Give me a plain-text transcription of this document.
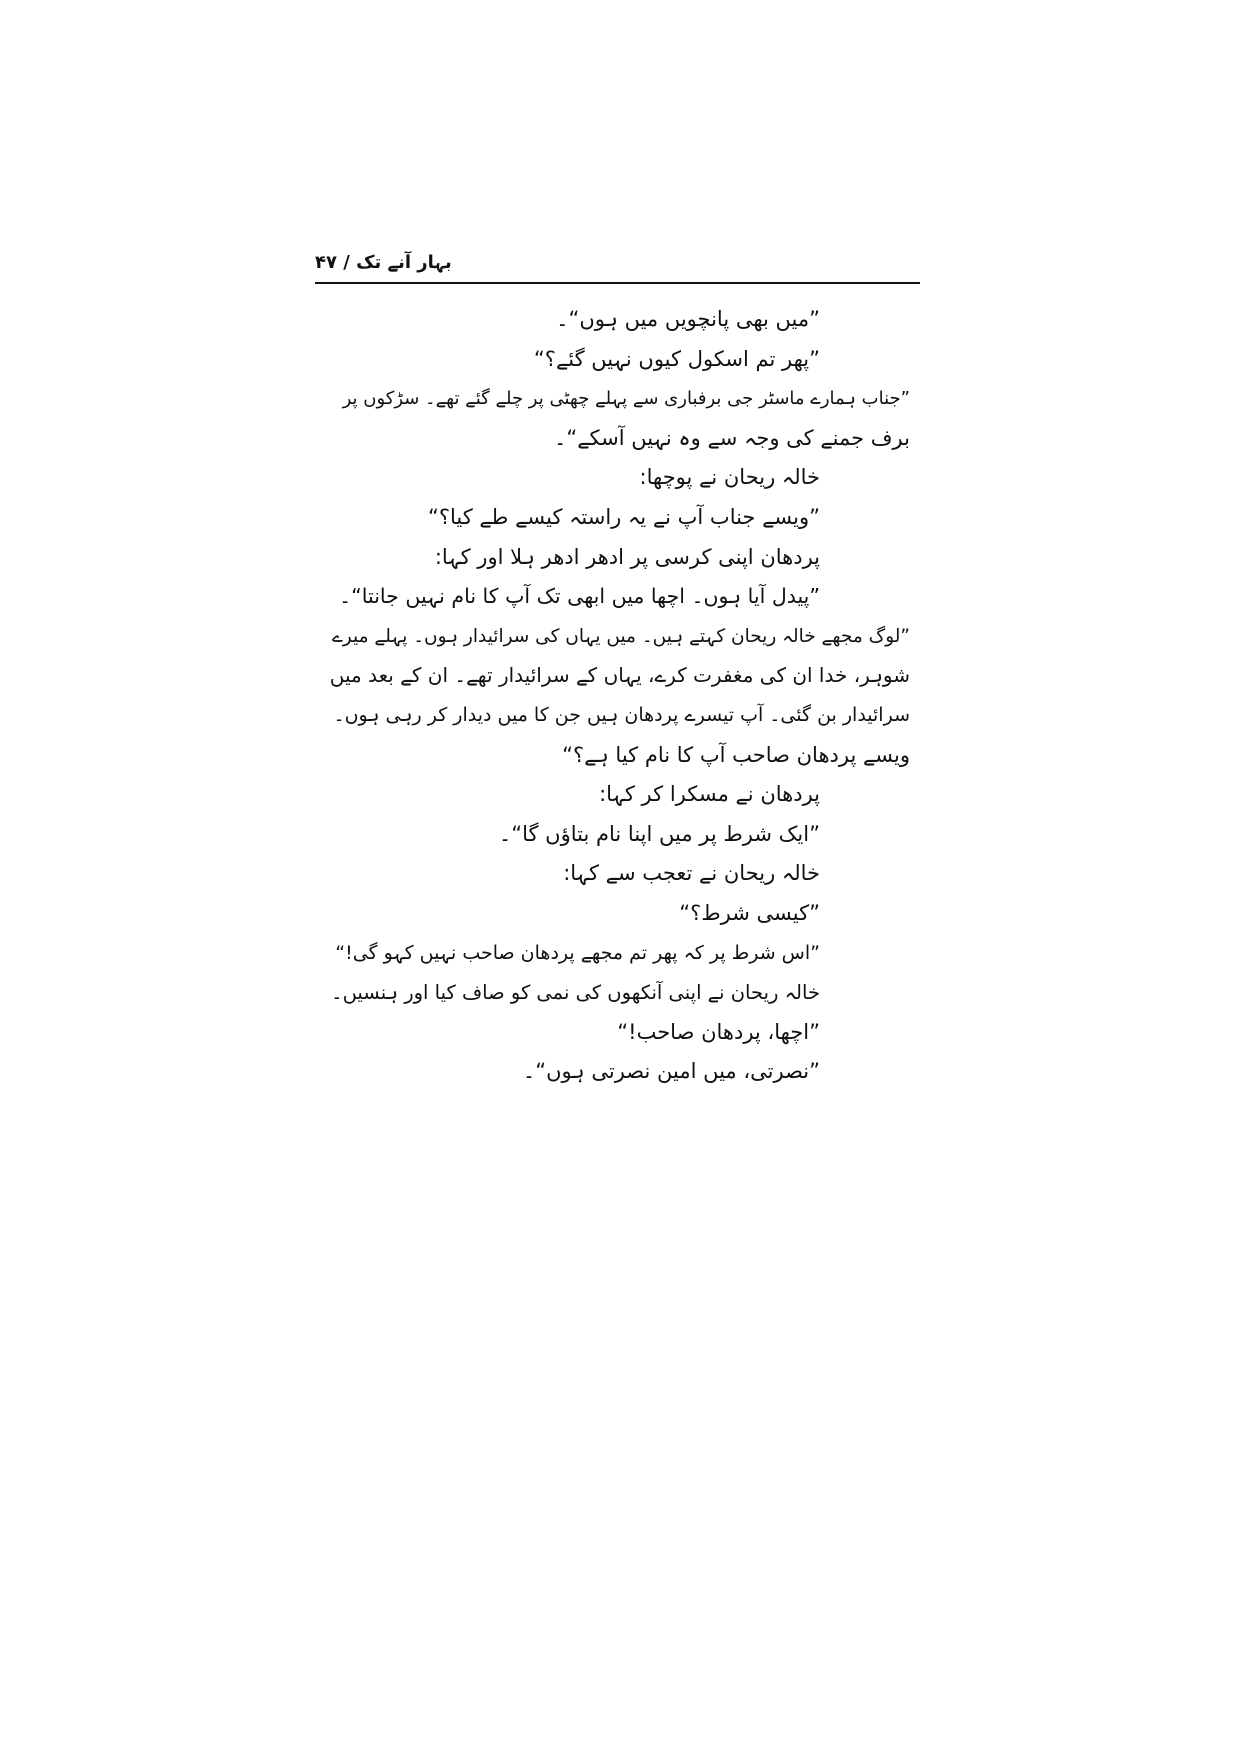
بہار آنے تک / ۴۷

”میں بھی پانچویں میں ہوں“۔

”پھر تم اسکول کیوں نہیں گئے؟“

”جناب ہمارے ماسٹر جی برفباری سے پہلے چھٹی پر چلے گئے تھے۔ سڑکوں پر

برف جمنے کی وجہ سے وہ نہیں آسکے“۔

خالہ ریحان نے پوچھا:

”ویسے جناب آپ نے یہ راستہ کیسے طے کیا؟“

پردھان اپنی کرسی پر ادھر ادھر ہلا اور کہا:

”پیدل آیا ہوں۔ اچھا میں ابھی تک آپ کا نام نہیں جانتا“۔

”لوگ مجھے خالہ ریحان کہتے ہیں۔ میں یہاں کی سرائیدار ہوں۔ پہلے میرے

شوہر، خدا ان کی مغفرت کرے، یہاں کے سرائیدار تھے۔ ان کے بعد میں

سرائیدار بن گئی۔ آپ تیسرے پردھان ہیں جن کا میں دیدار کر رہی ہوں۔

ویسے پردھان صاحب آپ کا نام کیا ہے؟“

پردھان نے مسکرا کر کہا:

”ایک شرط پر میں اپنا نام بتاؤں گا“۔

خالہ ریحان نے تعجب سے کہا:

”کیسی شرط؟“

”اس شرط پر کہ پھر تم مجھے پردھان صاحب نہیں کہو گی!“

خالہ ریحان نے اپنی آنکھوں کی نمی کو صاف کیا اور ہنسیں۔

”اچھا، پردھان صاحب!“

”نصرتی، میں امین نصرتی ہوں“۔
